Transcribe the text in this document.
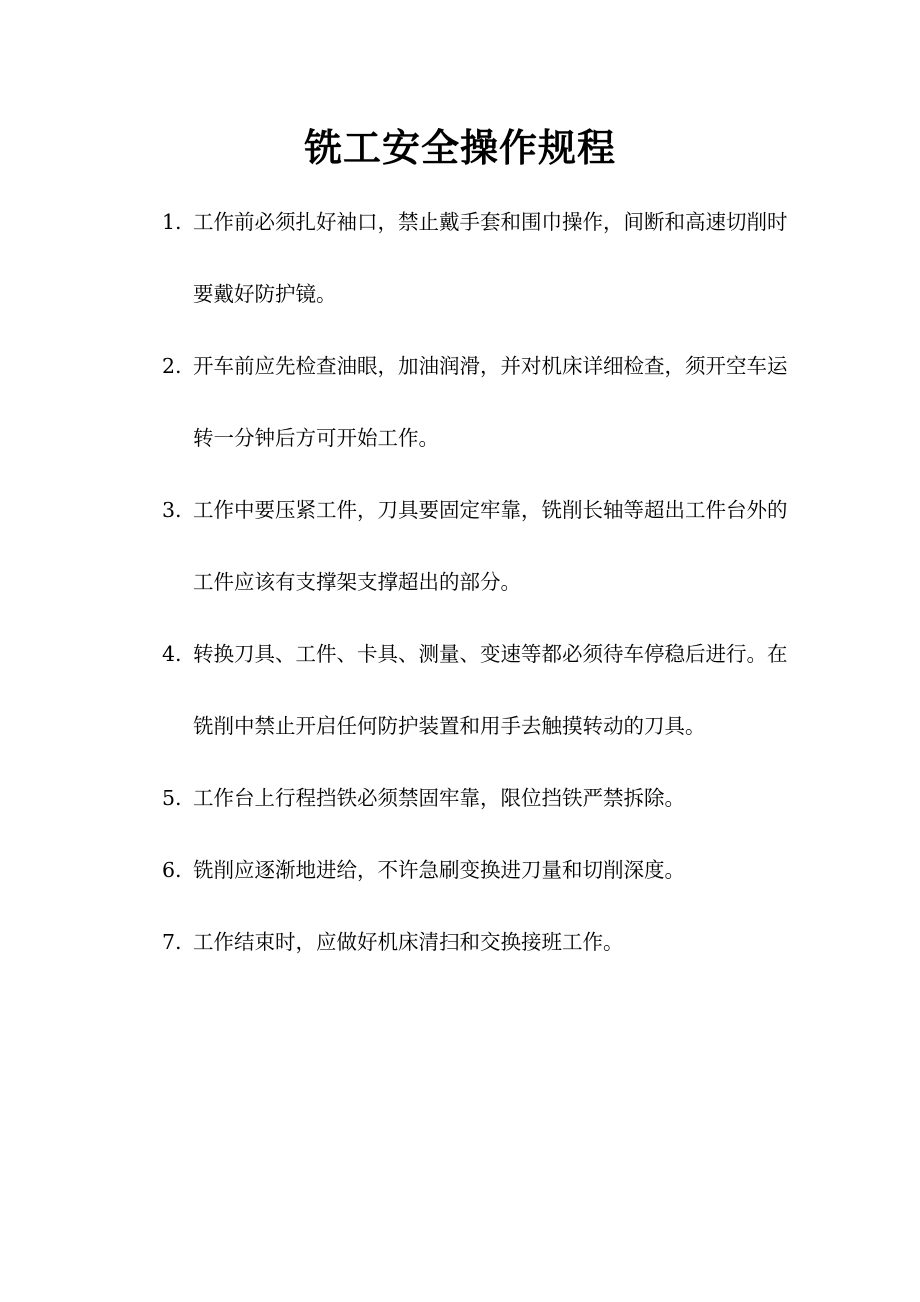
铣工安全操作规程
1. 工作前必须扎好袖口，禁止戴手套和围巾操作，间断和高速切削时要戴好防护镜。
2. 开车前应先检查油眼，加油润滑，并对机床详细检查，须开空车运转一分钟后方可开始工作。
3. 工作中要压紧工件，刀具要固定牢靠，铣削长轴等超出工件台外的工件应该有支撑架支撑超出的部分。
4. 转换刀具、工件、卡具、测量、变速等都必须待车停稳后进行。在铣削中禁止开启任何防护装置和用手去触摸转动的刀具。
5. 工作台上行程挡铁必须禁固牢靠，限位挡铁严禁拆除。
6. 铣削应逐渐地进给，不许急刷变换进刀量和切削深度。
7. 工作结束时，应做好机床清扫和交换接班工作。
